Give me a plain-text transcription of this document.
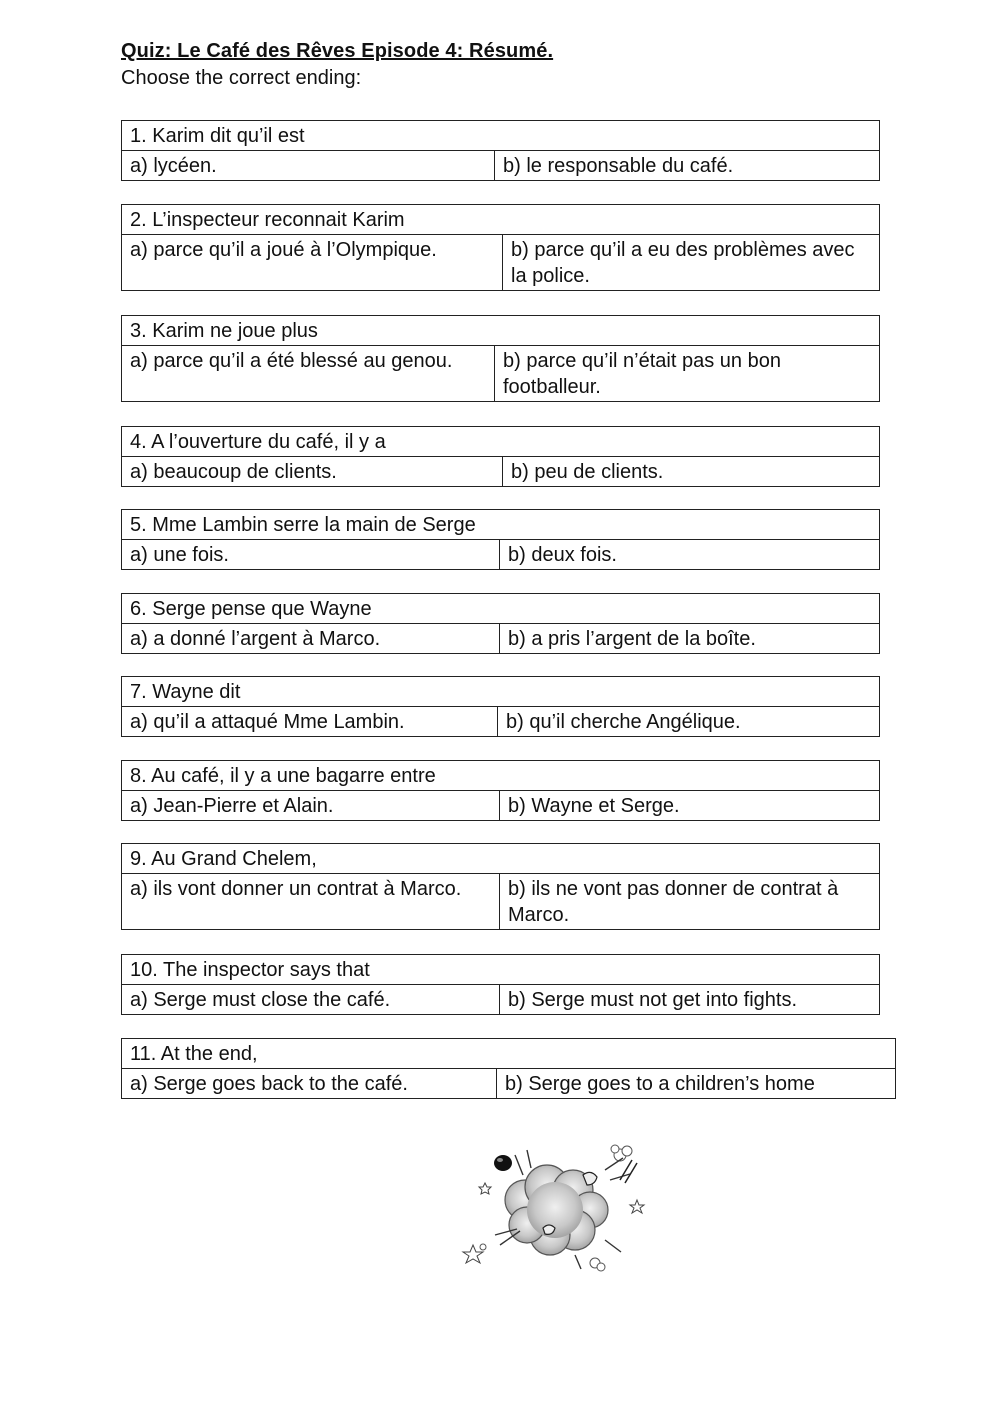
Quiz: Le Café des Rêves Episode 4: Résumé.
Choose the correct ending:
1. Karim dit qu’il est
a) lycéen.	b) le responsable du café.
2. L’inspecteur reconnait Karim
a) parce qu’il a joué à l’Olympique.	b) parce qu’il a eu des problèmes avec la police.
3. Karim ne joue plus
a) parce qu’il a été blessé au genou.	b) parce qu’il n’était pas un bon footballeur.
4. A l’ouverture du café, il y a
a) beaucoup de clients.	b) peu de clients.
5. Mme Lambin serre la main de Serge
a) une fois.	b) deux fois.
6. Serge pense que Wayne
a) a donné l’argent à Marco.	b) a pris l’argent de la boîte.
7. Wayne dit
a) qu’il a attaqué Mme Lambin.	b) qu’il cherche Angélique.
8. Au café, il y a une bagarre entre
a) Jean-Pierre et Alain.	b) Wayne et Serge.
9. Au Grand Chelem,
a) ils vont donner un contrat à Marco.	b) ils ne vont pas donner de contrat à Marco.
10. The inspector says that
a) Serge must close the café.	b) Serge must not get into fights.
11. At the end,
a) Serge goes back to the café.	b) Serge goes to a children’s home
